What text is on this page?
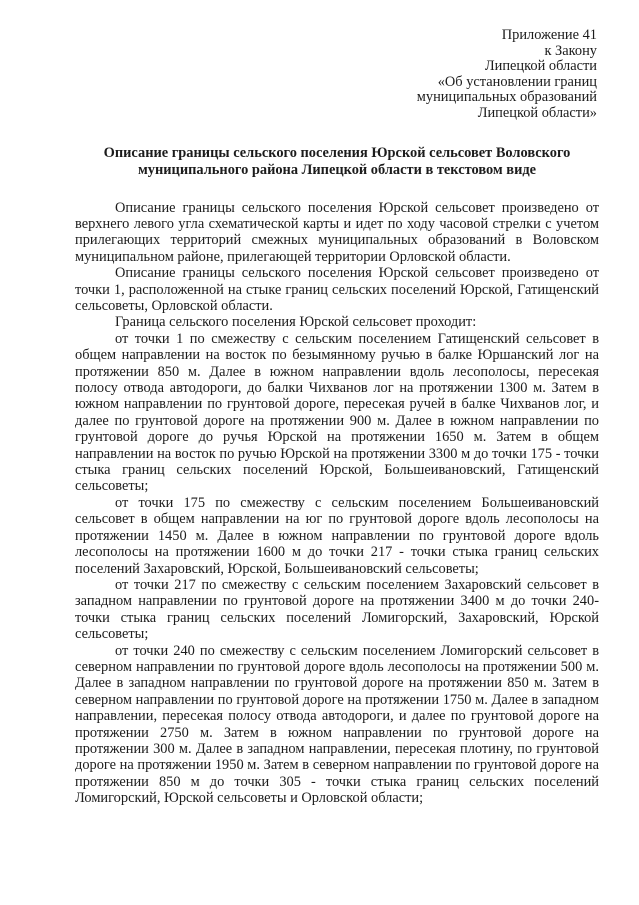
Приложение 41
к Закону
Липецкой области
«Об установлении границ
муниципальных образований
Липецкой области»
Описание границы сельского поселения Юрской сельсовет Воловского муниципального района Липецкой области в текстовом виде

Описание границы сельского поселения Юрской сельсовет произведено от верхнего левого угла схематической карты и идет по ходу часовой стрелки с учетом прилегающих территорий смежных муниципальных образований в Воловском муниципальном районе, прилегающей территории Орловской области.

Описание границы сельского поселения Юрской сельсовет произведено от точки 1, расположенной на стыке границ сельских поселений Юрской, Гатищенский сельсоветы, Орловской области.

Граница сельского поселения Юрской сельсовет проходит:

от точки 1 по смежеству с сельским поселением Гатищенский сельсовет в общем направлении на восток по безымянному ручью в балке Юршанский лог на протяжении 850 м. Далее в южном направлении вдоль лесополосы, пересекая полосу отвода автодороги, до балки Чихванов лог на протяжении 1300 м. Затем в южном направлении по грунтовой дороге, пересекая ручей в балке Чихванов лог, и далее по грунтовой дороге на протяжении 900 м. Далее в южном направлении по грунтовой дороге до ручья Юрской на протяжении 1650 м. Затем в общем направлении на восток по ручью Юрской на протяжении 3300 м до точки 175 - точки стыка границ сельских поселений Юрской, Большеивановский, Гатищенский сельсоветы;

от точки 175 по смежеству с сельским поселением Большеивановский сельсовет в общем направлении на юг по грунтовой дороге вдоль лесополосы на протяжении 1450 м. Далее в южном направлении по грунтовой дороге вдоль лесополосы на протяжении 1600 м до точки 217 - точки стыка границ сельских поселений Захаровский, Юрской, Большеивановский сельсоветы;

от точки 217 по смежеству с сельским поселением Захаровский сельсовет в западном направлении по грунтовой дороге на протяжении 3400 м до точки 240- точки стыка границ сельских поселений Ломигорский, Захаровский, Юрской сельсоветы;

от точки 240 по смежеству с сельским поселением Ломигорский сельсовет в северном направлении по грунтовой дороге вдоль лесополосы на протяжении 500 м. Далее в западном направлении по грунтовой дороге на протяжении 850 м. Затем в северном направлении по грунтовой дороге на протяжении 1750 м. Далее в западном направлении, пересекая полосу отвода автодороги, и далее по грунтовой дороге на протяжении 2750 м. Затем в южном направлении по грунтовой дороге на протяжении 300 м. Далее в западном направлении, пересекая плотину, по грунтовой дороге на протяжении 1950 м. Затем в северном направлении по грунтовой дороге на протяжении 850 м до точки 305 - точки стыка границ сельских поселений Ломигорский, Юрской сельсоветы и Орловской области;
